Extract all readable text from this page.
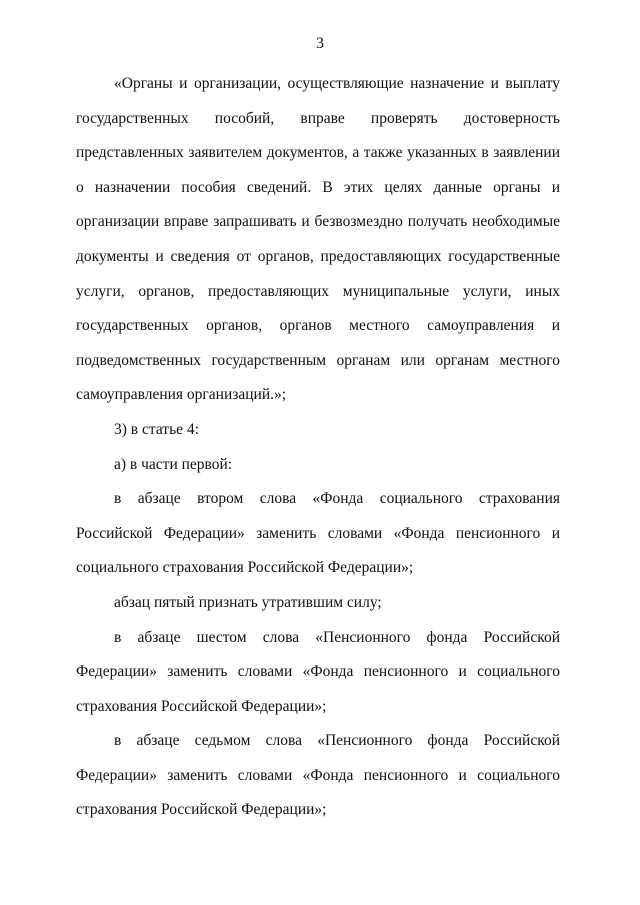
3

«Органы и организации, осуществляющие назначение и выплату государственных пособий, вправе проверять достоверность представленных заявителем документов, а также указанных в заявлении о назначении пособия сведений. В этих целях данные органы и организации вправе запрашивать и безвозмездно получать необходимые документы и сведения от органов, предоставляющих государственные услуги, органов, предоставляющих муниципальные услуги, иных государственных органов, органов местного самоуправления и подведомственных государственным органам или органам местного самоуправления организаций.»;

3) в статье 4:

а) в части первой:

в абзаце втором слова «Фонда социального страхования Российской Федерации» заменить словами «Фонда пенсионного и социального страхования Российской Федерации»;

абзац пятый признать утратившим силу;

в абзаце шестом слова «Пенсионного фонда Российской Федерации» заменить словами «Фонда пенсионного и социального страхования Российской Федерации»;

в абзаце седьмом слова «Пенсионного фонда Российской Федерации» заменить словами «Фонда пенсионного и социального страхования Российской Федерации»;
